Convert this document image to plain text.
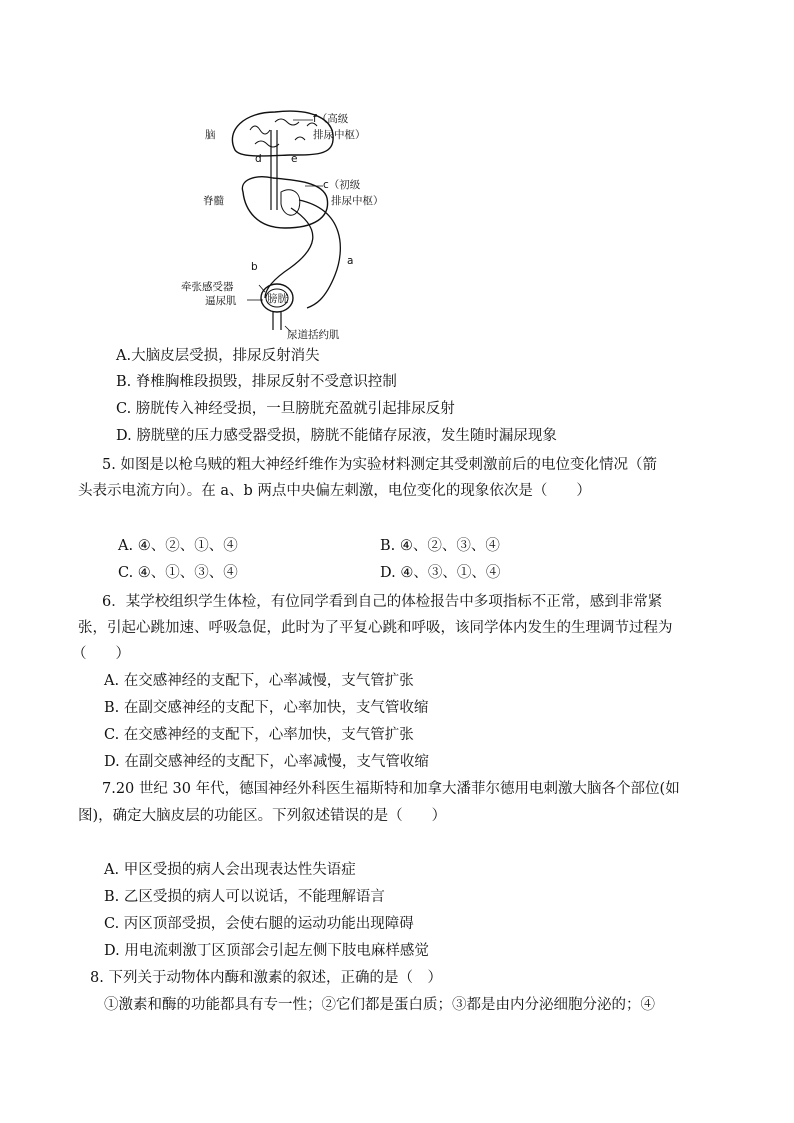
脑
f（高级
排尿中枢）
d	e
脊髓
c（初级
排尿中枢）
b	a
牵张感受器
逼尿肌	膀胱
尿道括约肌
A.大脑皮层受损，排尿反射消失
B. 脊椎胸椎段损毁，排尿反射不受意识控制
C. 膀胱传入神经受损，一旦膀胱充盈就引起排尿反射
D. 膀胱壁的压力感受器受损，膀胱不能储存尿液，发生随时漏尿现象
5. 如图是以枪乌贼的粗大神经纤维作为实验材料测定其受刺激前后的电位变化情况（箭
头表示电流方向）。在 a、b 两点中央偏左刺激，电位变化的现象依次是（　　）
A. ④、②、①、④	B. ④、②、③、④
C. ④、①、③、④	D. ④、③、①、④
6．某学校组织学生体检，有位同学看到自己的体检报告中多项指标不正常，感到非常紧
张，引起心跳加速、呼吸急促，此时为了平复心跳和呼吸，该同学体内发生的生理调节过程为
（　　）
A. 在交感神经的支配下，心率减慢，支气管扩张
B. 在副交感神经的支配下，心率加快，支气管收缩
C. 在交感神经的支配下，心率加快，支气管扩张
D. 在副交感神经的支配下，心率减慢，支气管收缩
7.20 世纪 30 年代，德国神经外科医生福斯特和加拿大潘菲尔德用电刺激大脑各个部位(如
图)，确定大脑皮层的功能区。下列叙述错误的是（　　）
A. 甲区受损的病人会出现表达性失语症
B. 乙区受损的病人可以说话，不能理解语言
C. 丙区顶部受损，会使右腿的运动功能出现障碍
D. 用电流刺激丁区顶部会引起左侧下肢电麻样感觉
8. 下列关于动物体内酶和激素的叙述，正确的是（　）
①激素和酶的功能都具有专一性；②它们都是蛋白质；③都是由内分泌细胞分泌的；④
